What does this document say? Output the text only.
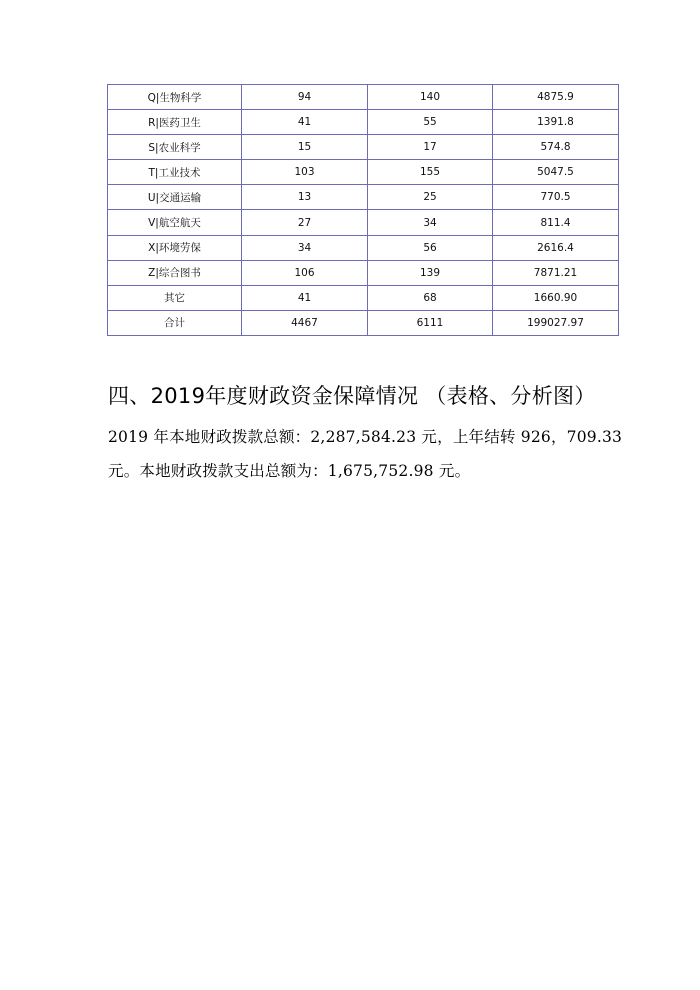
Q|生物科学	94	140	4875.9
R|医药卫生	41	55	1391.8
S|农业科学	15	17	574.8
T|工业技术	103	155	5047.5
U|交通运输	13	25	770.5
V|航空航天	27	34	811.4
X|环境劳保	34	56	2616.4
Z|综合图书	106	139	7871.21
其它	41	68	1660.90
合计	4467	6111	199027.97
四、2019年度财政资金保障情况 （表格、分析图）

2019 年本地财政拨款总额：2,287,584.23 元，上年结转 926，709.33
元。本地财政拨款支出总额为：1,675,752.98 元。
